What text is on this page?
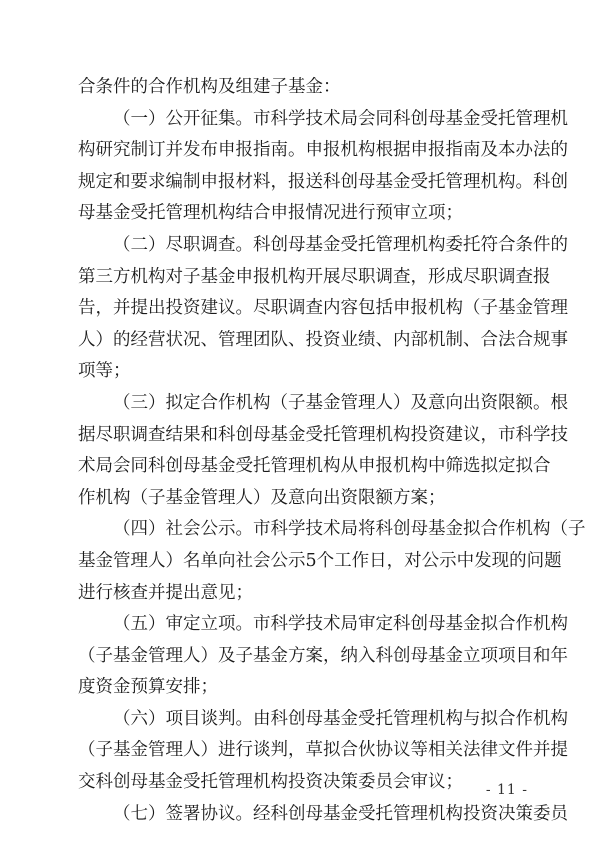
合条件的合作机构及组建子基金：
（一）公开征集。市科学技术局会同科创母基金受托管理机
构研究制订并发布申报指南。申报机构根据申报指南及本办法的
规定和要求编制申报材料，报送科创母基金受托管理机构。科创
母基金受托管理机构结合申报情况进行预审立项；
（二）尽职调查。科创母基金受托管理机构委托符合条件的
第三方机构对子基金申报机构开展尽职调查，形成尽职调查报
告，并提出投资建议。尽职调查内容包括申报机构（子基金管理
人）的经营状况、管理团队、投资业绩、内部机制、合法合规事
项等；
（三）拟定合作机构（子基金管理人）及意向出资限额。根
据尽职调查结果和科创母基金受托管理机构投资建议，市科学技
术局会同科创母基金受托管理机构从申报机构中筛选拟定拟合
作机构（子基金管理人）及意向出资限额方案；
（四）社会公示。市科学技术局将科创母基金拟合作机构（子
基金管理人）名单向社会公示5个工作日，对公示中发现的问题
进行核查并提出意见；
（五）审定立项。市科学技术局审定科创母基金拟合作机构
（子基金管理人）及子基金方案，纳入科创母基金立项项目和年
度资金预算安排；
（六）项目谈判。由科创母基金受托管理机构与拟合作机构
（子基金管理人）进行谈判，草拟合伙协议等相关法律文件并提
交科创母基金受托管理机构投资决策委员会审议；
（七）签署协议。经科创母基金受托管理机构投资决策委员
- 11 -
